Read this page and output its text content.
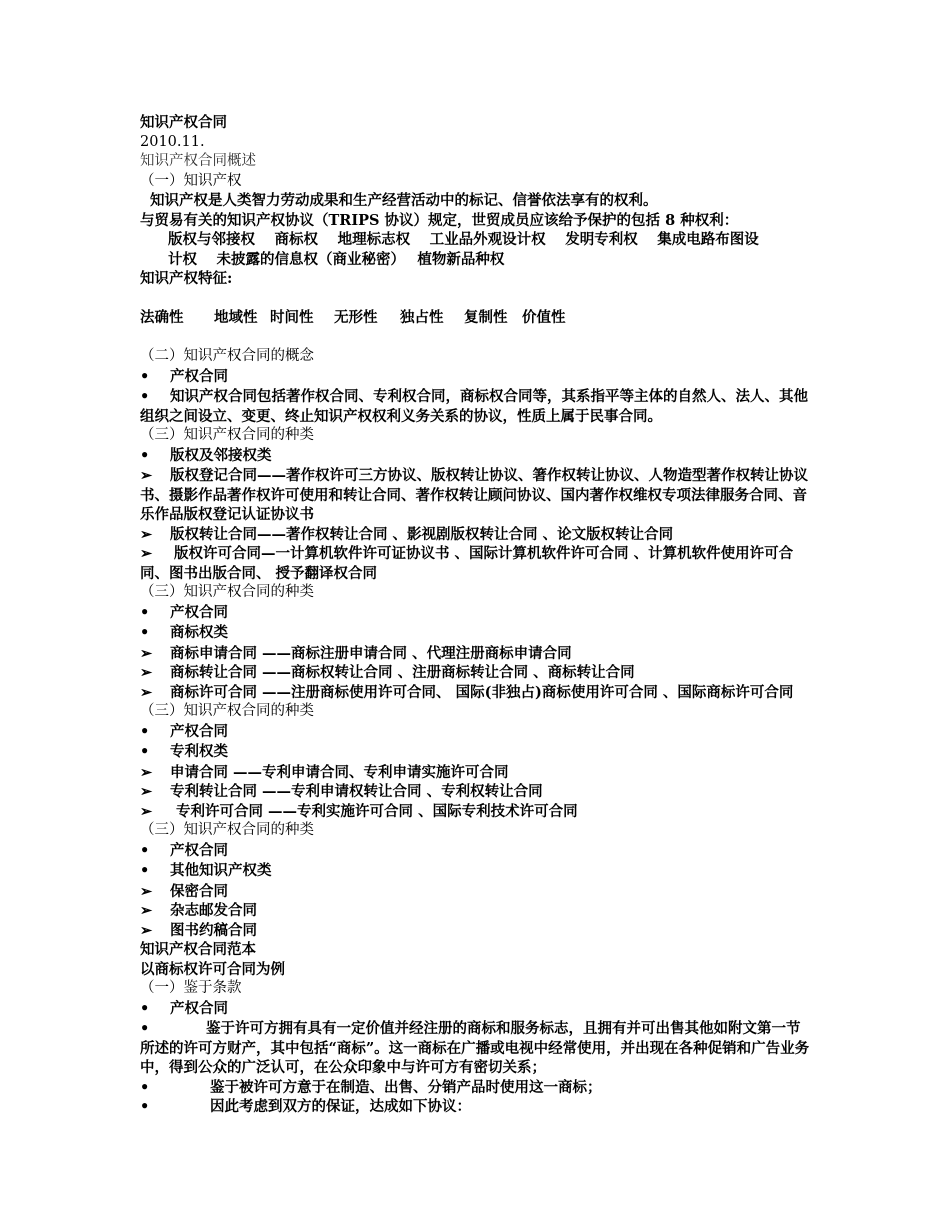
知识产权合同
2010.11.
知识产权合同概述
（一）知识产权
知识产权是人类智力劳动成果和生产经营活动中的标记、信誉依法享有的权利。
与贸易有关的知识产权协议（TRIPS 协议）规定，世贸成员应该给予保护的包括 8 种权利：
版权与邻接权　 商标权　 地理标志权　 工业品外观设计权　 发明专利权　 集成电路布图设
计权　 未披露的信息权（商业秘密）　 植物新品种权
知识产权特征:
法确性 地域性 时间性 无形性 独占性 复制性 价值性
（二）知识产权合同的概念
• 产权合同
• 知识产权合同包括著作权合同、专利权合同，商标权合同等，其系指平等主体的自然人、法人、其他组织之间设立、变更、终止知识产权权利义务关系的协议，性质上属于民事合同。
（三）知识产权合同的种类
• 版权及邻接权类
➢ 版权登记合同——著作权许可三方协议、版权转让协议、箸作权转让协议、人物造型著作权转让协议书、摄影作品著作权许可使用和转让合同、著作权转让顾问协议、国内著作权维权专项法律服务合同、音乐作品版权登记认证协议书
➢ 版权转让合同——著作权转让合同 、影视剧版权转让合同 、论文版权转让合同
➢ 版权许可合同—一计算机软件许可证协议书 、国际计算机软件许可合同 、计算机软件使用许可合同、图书出版合同、 授予翻译权合同
（三）知识产权合同的种类
• 产权合同
• 商标权类
➢ 商标申请合同 ——商标注册申请合同 、代理注册商标申请合同
➢ 商标转让合同 ——商标权转让合同 、注册商标转让合同 、商标转让合同
➢ 商标许可合同 ——注册商标使用许可合同、 国际(非独占)商标使用许可合同 、国际商标许可合同
（三）知识产权合同的种类
• 产权合同
• 专利权类
➢ 申请合同 ——专利申请合同、专利申请实施许可合同
➢ 专利转让合同 ——专利申请权转让合同 、专利权转让合同
➢ 专利许可合同 ——专利实施许可合同 、国际专利技术许可合同
（三）知识产权合同的种类
• 产权合同
• 其他知识产权类
➢ 保密合同
➢ 杂志邮发合同
➢ 图书约稿合同
知识产权合同范本
以商标权许可合同为例
（一）鉴于条款
• 产权合同
•	鉴于许可方拥有具有一定价值并经注册的商标和服务标志，且拥有并可出售其他如附文第一节所述的许可方财产，其中包括“商标”。这一商标在广播或电视中经常使用，并出现在各种促销和广告业务中，得到公众的广泛认可，在公众印象中与许可方有密切关系；
•	鉴于被许可方意于在制造、出售、分销产品时使用这一商标；
•	因此考虑到双方的保证，达成如下协议：
